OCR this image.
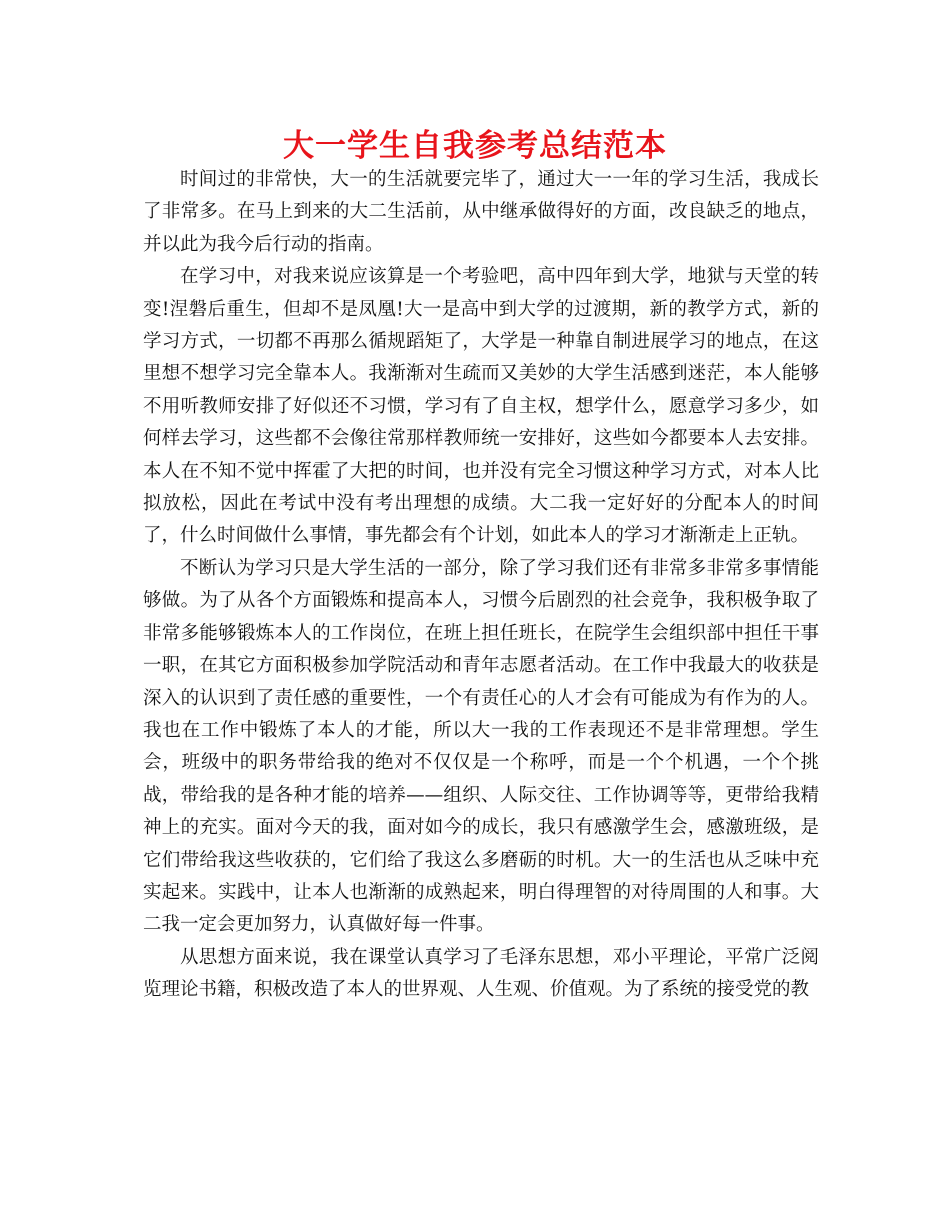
大一学生自我参考总结范本

时间过的非常快，大一的生活就要完毕了，通过大一一年的学习生活，我成长了非常多。在马上到来的大二生活前，从中继承做得好的方面，改良缺乏的地点，并以此为我今后行动的指南。

在学习中，对我来说应该算是一个考验吧，高中四年到大学，地狱与天堂的转变!涅磐后重生，但却不是凤凰!大一是高中到大学的过渡期，新的教学方式，新的学习方式，一切都不再那么循规蹈矩了，大学是一种靠自制进展学习的地点，在这里想不想学习完全靠本人。我渐渐对生疏而又美妙的大学生活感到迷茫，本人能够不用听教师安排了好似还不习惯，学习有了自主权，想学什么，愿意学习多少，如何样去学习，这些都不会像往常那样教师统一安排好，这些如今都要本人去安排。本人在不知不觉中挥霍了大把的时间，也并没有完全习惯这种学习方式，对本人比拟放松，因此在考试中没有考出理想的成绩。大二我一定好好的分配本人的时间了，什么时间做什么事情，事先都会有个计划，如此本人的学习才渐渐走上正轨。

不断认为学习只是大学生活的一部分，除了学习我们还有非常多非常多事情能够做。为了从各个方面锻炼和提高本人，习惯今后剧烈的社会竞争，我积极争取了非常多能够锻炼本人的工作岗位，在班上担任班长，在院学生会组织部中担任干事一职，在其它方面积极参加学院活动和青年志愿者活动。在工作中我最大的收获是深入的认识到了责任感的重要性，一个有责任心的人才会有可能成为有作为的人。我也在工作中锻炼了本人的才能，所以大一我的工作表现还不是非常理想。学生会，班级中的职务带给我的绝对不仅仅是一个称呼，而是一个个机遇，一个个挑战，带给我的是各种才能的培养——组织、人际交往、工作协调等等，更带给我精神上的充实。面对今天的我，面对如今的成长，我只有感激学生会，感激班级，是它们带给我这些收获的，它们给了我这么多磨砺的时机。大一的生活也从乏味中充实起来。实践中，让本人也渐渐的成熟起来，明白得理智的对待周围的人和事。大二我一定会更加努力，认真做好每一件事。

从思想方面来说，我在课堂认真学习了毛泽东思想，邓小平理论，平常广泛阅览理论书籍，积极改造了本人的世界观、人生观、价值观。为了系统的接受党的教
